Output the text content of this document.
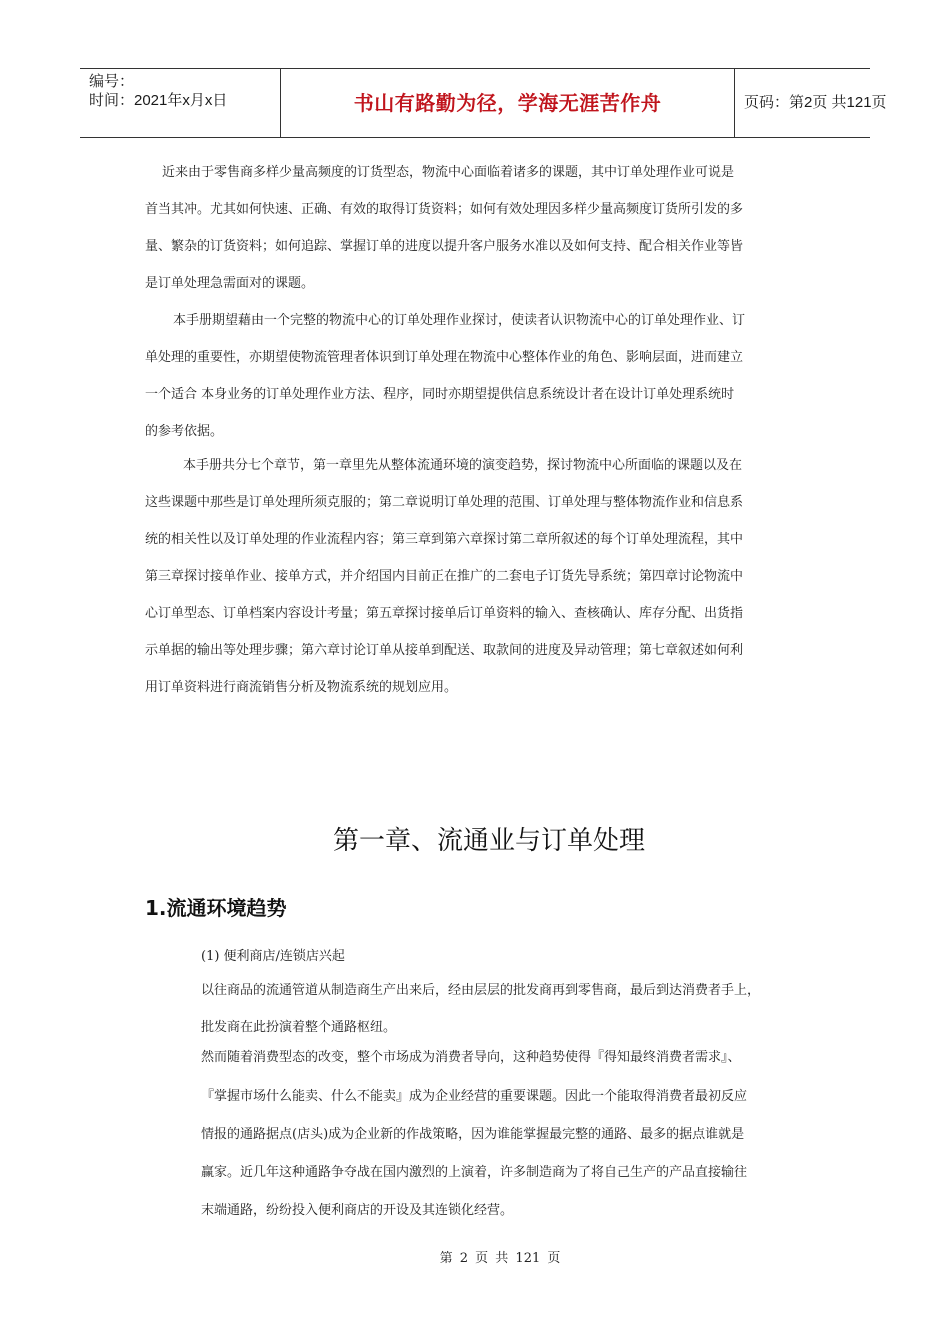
编号：
时间：2021年x月x日	书山有路勤为径，学海无涯苦作舟	页码：第2页 共121页
近来由于零售商多样少量高频度的订货型态，物流中心面临着诸多的课题，其中订单处理作业可说是
首当其冲。尤其如何快速、正确、有效的取得订货资料；如何有效处理因多样少量高频度订货所引发的多
量、繁杂的订货资料；如何追踪、掌握订单的进度以提升客户服务水准以及如何支持、配合相关作业等皆
是订单处理急需面对的课题。
本手册期望藉由一个完整的物流中心的订单处理作业探讨，使读者认识物流中心的订单处理作业、订
单处理的重要性，亦期望使物流管理者体识到订单处理在物流中心整体作业的角色、影响层面，进而建立
一个适合 本身业务的订单处理作业方法、程序，同时亦期望提供信息系统设计者在设计订单处理系统时
的参考依据。
本手册共分七个章节，第一章里先从整体流通环境的演变趋势，探讨物流中心所面临的课题以及在
这些课题中那些是订单处理所须克服的；第二章说明订单处理的范围、订单处理与整体物流作业和信息系
统的相关性以及订单处理的作业流程内容；第三章到第六章探讨第二章所叙述的每个订单处理流程，其中
第三章探讨接单作业、接单方式，并介绍国内目前正在推广的二套电子订货先导系统；第四章讨论物流中
心订单型态、订单档案内容设计考量；第五章探讨接单后订单资料的输入、查核确认、库存分配、出货指
示单据的输出等处理步骤；第六章讨论订单从接单到配送、取款间的进度及异动管理；第七章叙述如何利
用订单资料进行商流销售分析及物流系统的规划应用。
第一章、流通业与订单处理
1.流通环境趋势
(1) 便利商店/连锁店兴起
以往商品的流通管道从制造商生产出来后，经由层层的批发商再到零售商，最后到达消费者手上，
批发商在此扮演着整个通路枢纽。
然而随着消费型态的改变，整个市场成为消费者导向，这种趋势使得『得知最终消费者需求』、
『掌握市场什么能卖、什么不能卖』成为企业经营的重要课题。因此一个能取得消费者最初反应
情报的通路据点(店头)成为企业新的作战策略，因为谁能掌握最完整的通路、最多的据点谁就是
赢家。近几年这种通路争夺战在国内激烈的上演着，许多制造商为了将自己生产的产品直接输往
末端通路，纷纷投入便利商店的开设及其连锁化经营。
第 2 页 共 121 页
